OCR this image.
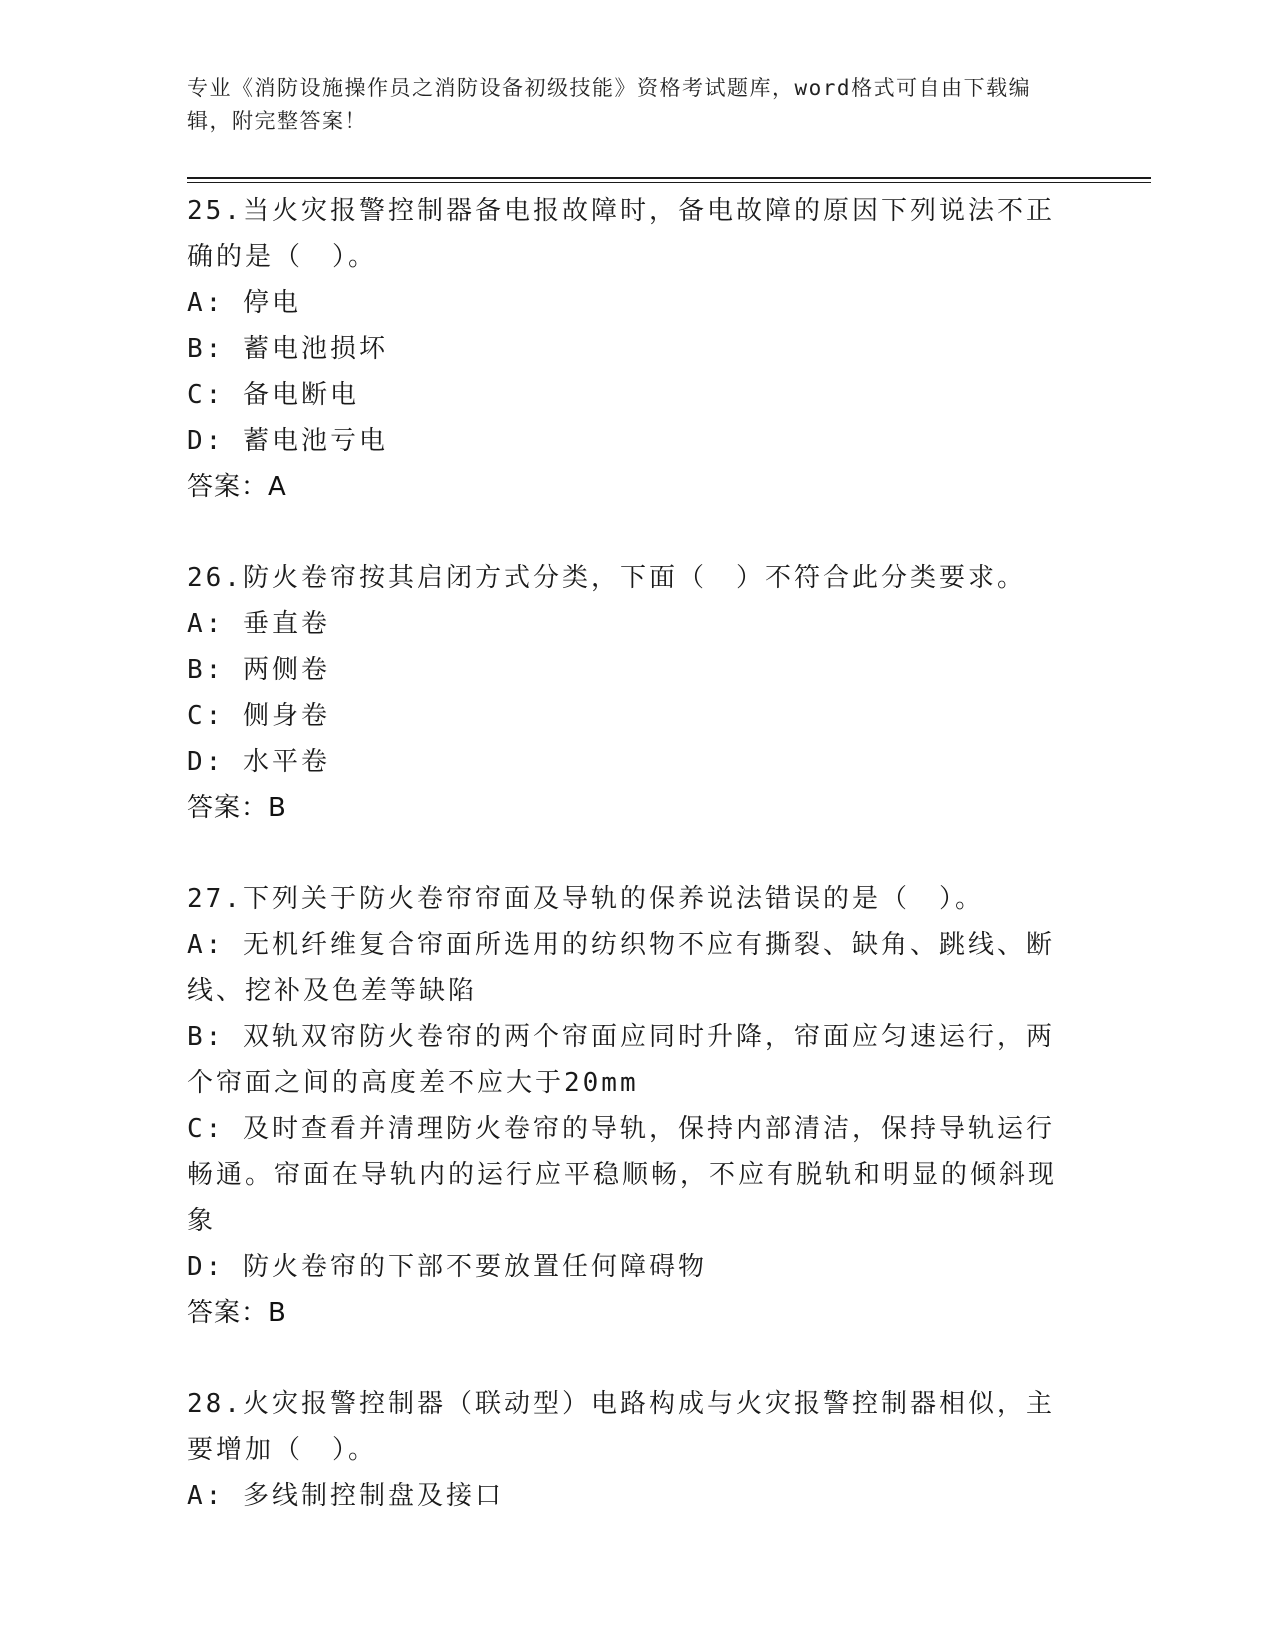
专业《消防设施操作员之消防设备初级技能》资格考试题库，word格式可自由下载编辑，附完整答案！
25.当火灾报警控制器备电报故障时，备电故障的原因下列说法不正确的是（　）。
A: 停电
B: 蓄电池损坏
C: 备电断电
D: 蓄电池亏电
答案：A
26.防火卷帘按其启闭方式分类，下面（　）不符合此分类要求。
A: 垂直卷
B: 两侧卷
C: 侧身卷
D: 水平卷
答案：B
27.下列关于防火卷帘帘面及导轨的保养说法错误的是（　）。
A: 无机纤维复合帘面所选用的纺织物不应有撕裂、缺角、跳线、断线、挖补及色差等缺陷
B: 双轨双帘防火卷帘的两个帘面应同时升降，帘面应匀速运行，两个帘面之间的高度差不应大于20mm
C: 及时查看并清理防火卷帘的导轨，保持内部清洁，保持导轨运行畅通。帘面在导轨内的运行应平稳顺畅，不应有脱轨和明显的倾斜现象
D: 防火卷帘的下部不要放置任何障碍物
答案：B
28.火灾报警控制器（联动型）电路构成与火灾报警控制器相似，主要增加（　）。
A: 多线制控制盘及接口
